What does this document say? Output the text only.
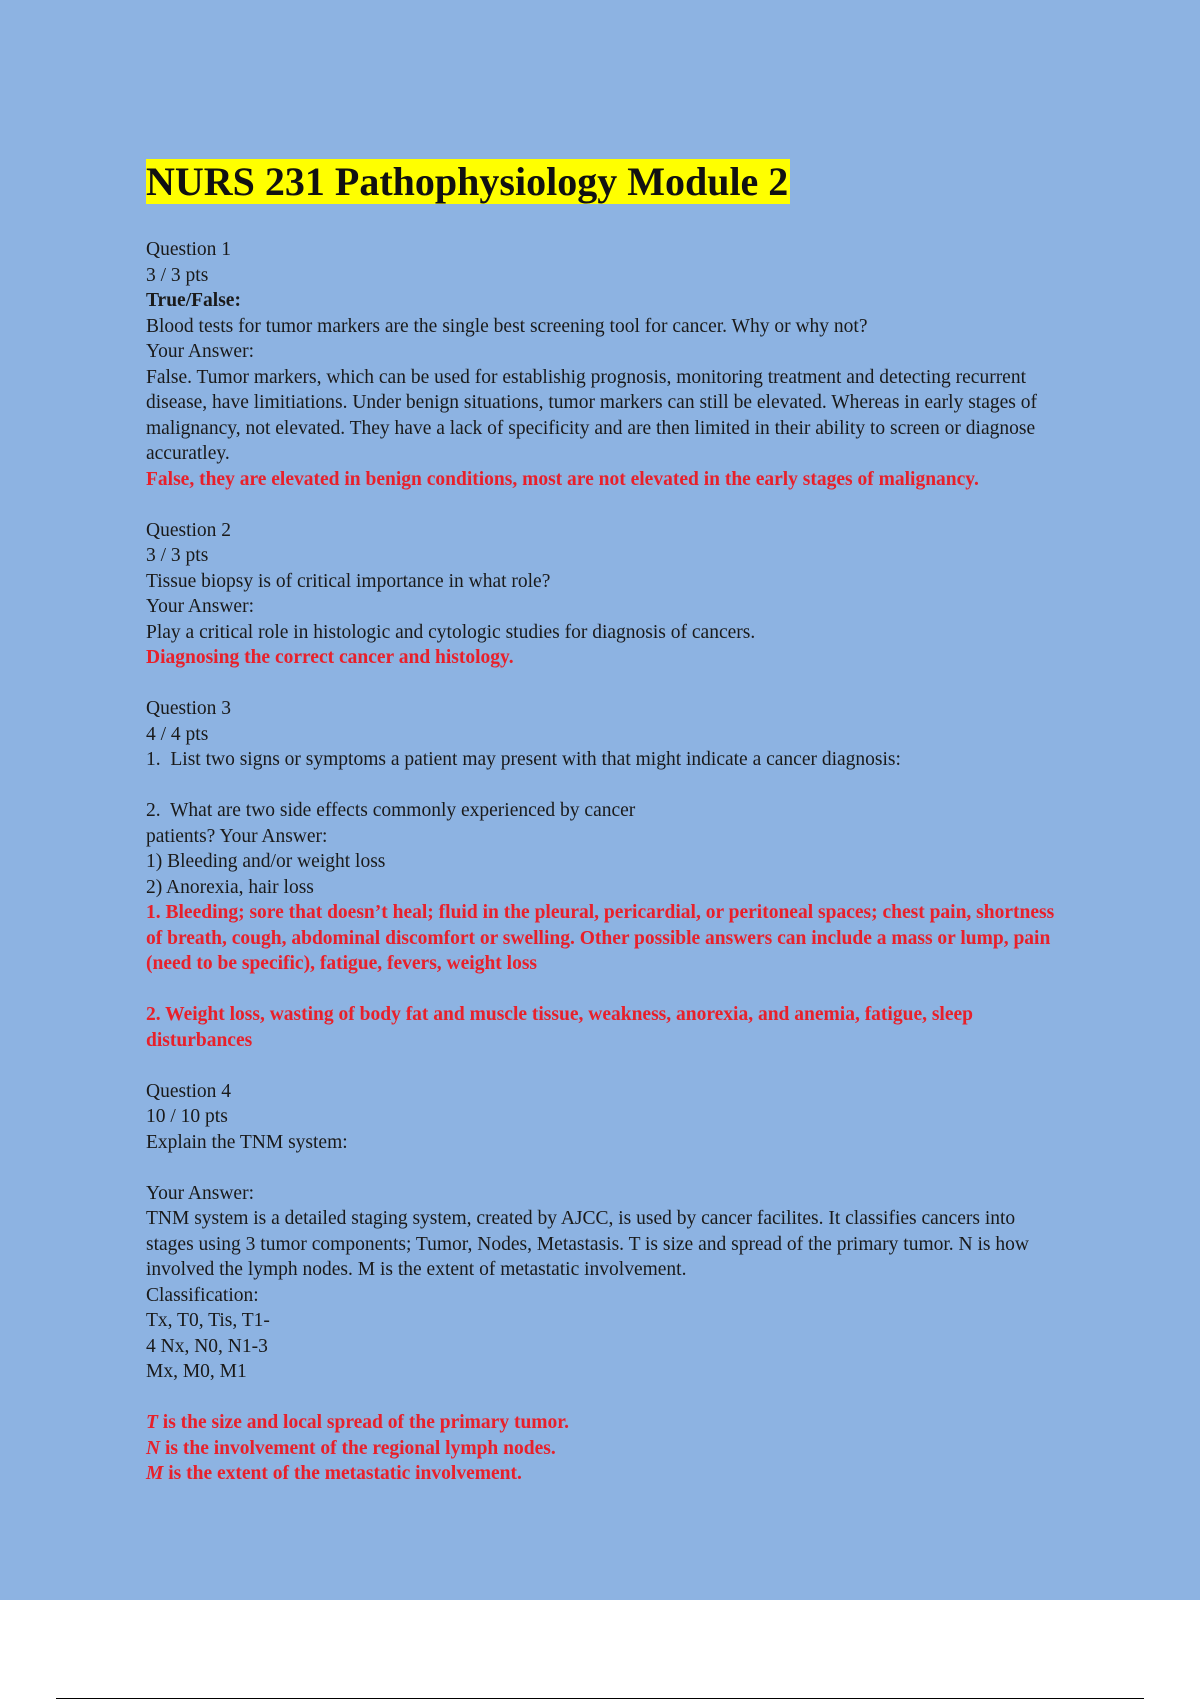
NURS 231 Pathophysiology Module 2
Question 1
3 / 3 pts
True/False:
Blood tests for tumor markers are the single best screening tool for cancer. Why or why not?
Your Answer:
False. Tumor markers, which can be used for establishig prognosis, monitoring treatment and detecting recurrent disease, have limitiations. Under benign situations, tumor markers can still be elevated. Whereas in early stages of malignancy, not elevated. They have a lack of specificity and are then limited in their ability to screen or diagnose accuratley.
False, they are elevated in benign conditions, most are not elevated in the early stages of malignancy.
Question 2
3 / 3 pts
Tissue biopsy is of critical importance in what role?
Your Answer:
Play a critical role in histologic and cytologic studies for diagnosis of cancers.
Diagnosing the correct cancer and histology.
Question 3
4 / 4 pts
1.  List two signs or symptoms a patient may present with that might indicate a cancer diagnosis:
2.  What are two side effects commonly experienced by cancer
patients? Your Answer:
1) Bleeding and/or weight loss
2) Anorexia, hair loss
1. Bleeding; sore that doesn’t heal; fluid in the pleural, pericardial, or peritoneal spaces; chest pain, shortness of breath, cough, abdominal discomfort or swelling. Other possible answers can include a mass or lump, pain (need to be specific), fatigue, fevers, weight loss
2. Weight loss, wasting of body fat and muscle tissue, weakness, anorexia, and anemia, fatigue, sleep disturbances
Question 4
10 / 10 pts
Explain the TNM system:
Your Answer:
TNM system is a detailed staging system, created by AJCC, is used by cancer facilites. It classifies cancers into stages using 3 tumor components; Tumor, Nodes, Metastasis. T is size and spread of the primary tumor. N is how involved the lymph nodes. M is the extent of metastatic involvement.
Classification:
Tx, T0, Tis, T1-
4 Nx, N0, N1-3
Mx, M0, M1
T is the size and local spread of the primary tumor.
N is the involvement of the regional lymph nodes.
M is the extent of the metastatic involvement.
